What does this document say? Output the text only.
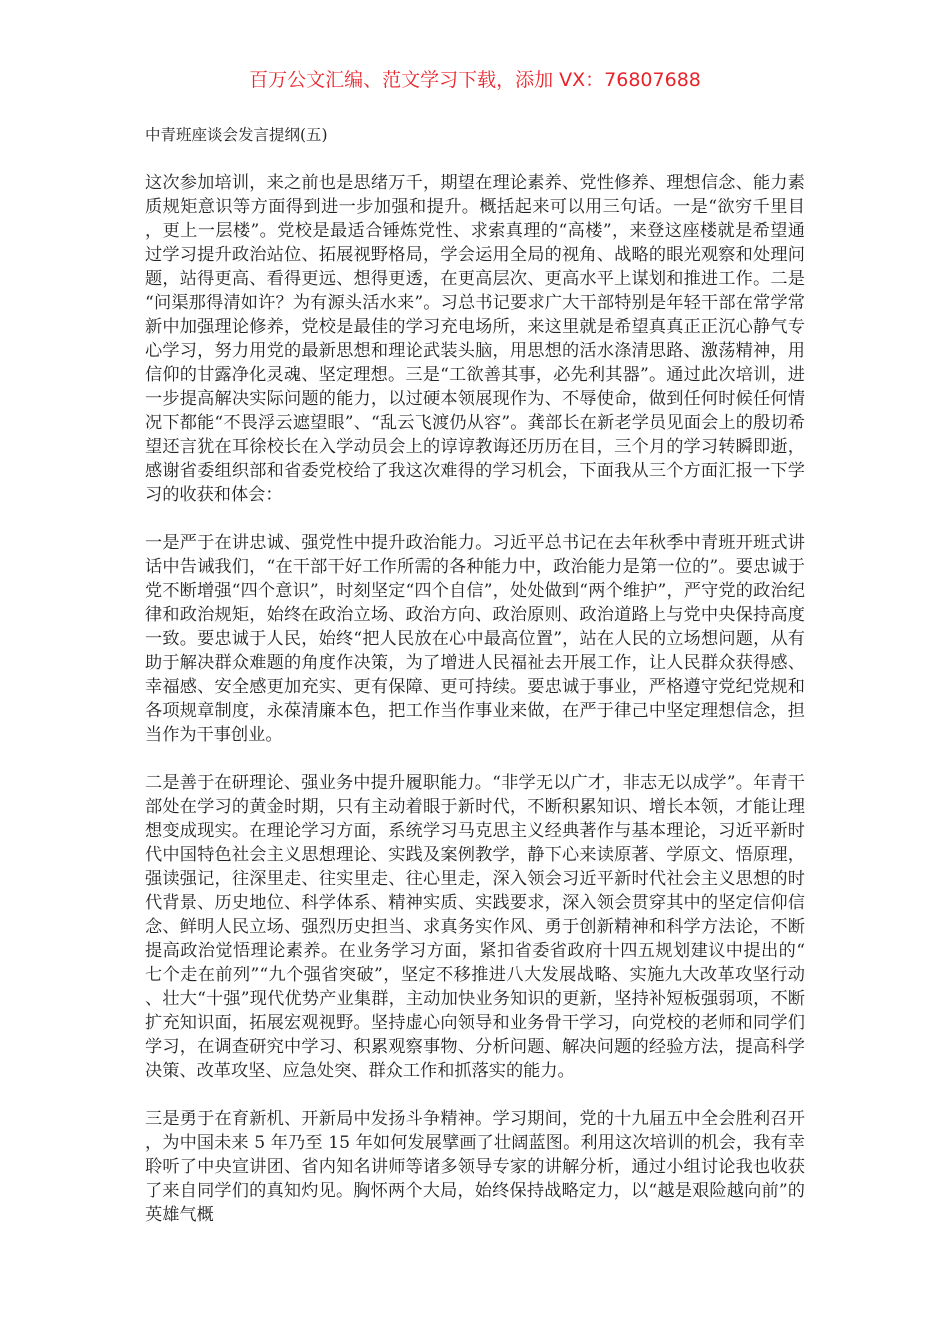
百万公文汇编、范文学习下载，添加 VX：76807688
中青班座谈会发言提纲(五)

这次参加培训，来之前也是思绪万千，期望在理论素养、党性修养、理想信念、能力素质规矩意识等方面得到进一步加强和提升。概括起来可以用三句话。一是“欲穷千里目，更上一层楼”。党校是最适合锤炼党性、求索真理的“高楼”，来登这座楼就是希望通过学习提升政治站位、拓展视野格局，学会运用全局的视角、战略的眼光观察和处理问题，站得更高、看得更远、想得更透，在更高层次、更高水平上谋划和推进工作。二是“问渠那得清如许？为有源头活水来”。习总书记要求广大干部特别是年轻干部在常学常新中加强理论修养，党校是最佳的学习充电场所，来这里就是希望真真正正沉心静气专心学习，努力用党的最新思想和理论武装头脑，用思想的活水涤清思路、激荡精神，用信仰的甘露净化灵魂、坚定理想。三是“工欲善其事，必先利其器”。通过此次培训，进一步提高解决实际问题的能力，以过硬本领展现作为、不辱使命，做到任何时候任何情况下都能“不畏浮云遮望眼”、“乱云飞渡仍从容”。龚部长在新老学员见面会上的殷切希望还言犹在耳徐校长在入学动员会上的谆谆教诲还历历在目，三个月的学习转瞬即逝，感谢省委组织部和省委党校给了我这次难得的学习机会，下面我从三个方面汇报一下学习的收获和体会：

一是严于在讲忠诚、强党性中提升政治能力。习近平总书记在去年秋季中青班开班式讲话中告诫我们，“在干部干好工作所需的各种能力中，政治能力是第一位的”。要忠诚于党不断增强“四个意识”，时刻坚定“四个自信”，处处做到“两个维护”，严守党的政治纪律和政治规矩，始终在政治立场、政治方向、政治原则、政治道路上与党中央保持高度一致。要忠诚于人民，始终“把人民放在心中最高位置”，站在人民的立场想问题，从有助于解决群众难题的角度作决策，为了增进人民福祉去开展工作，让人民群众获得感、幸福感、安全感更加充实、更有保障、更可持续。要忠诚于事业，严格遵守党纪党规和各项规章制度，永葆清廉本色，把工作当作事业来做，在严于律己中坚定理想信念，担当作为干事创业。

二是善于在研理论、强业务中提升履职能力。“非学无以广才，非志无以成学”。年青干部处在学习的黄金时期，只有主动着眼于新时代，不断积累知识、增长本领，才能让理想变成现实。在理论学习方面，系统学习马克思主义经典著作与基本理论，习近平新时代中国特色社会主义思想理论、实践及案例教学，静下心来读原著、学原文、悟原理，强读强记，往深里走、往实里走、往心里走，深入领会习近平新时代社会主义思想的时代背景、历史地位、科学体系、精神实质、实践要求，深入领会贯穿其中的坚定信仰信念、鲜明人民立场、强烈历史担当、求真务实作风、勇于创新精神和科学方法论，不断提高政治觉悟理论素养。在业务学习方面，紧扣省委省政府十四五规划建议中提出的“七个走在前列”“九个强省突破”，坚定不移推进八大发展战略、实施九大改革攻坚行动、壮大“十强”现代优势产业集群，主动加快业务知识的更新，坚持补短板强弱项，不断扩充知识面，拓展宏观视野。坚持虚心向领导和业务骨干学习，向党校的老师和同学们学习，在调查研究中学习、积累观察事物、分析问题、解决问题的经验方法，提高科学决策、改革攻坚、应急处突、群众工作和抓落实的能力。

三是勇于在育新机、开新局中发扬斗争精神。学习期间，党的十九届五中全会胜利召开，为中国未来 5 年乃至 15 年如何发展擘画了壮阔蓝图。利用这次培训的机会，我有幸聆听了中央宣讲团、省内知名讲师等诸多领导专家的讲解分析，通过小组讨论我也收获了来自同学们的真知灼见。胸怀两个大局，始终保持战略定力，以“越是艰险越向前”的英雄气概
